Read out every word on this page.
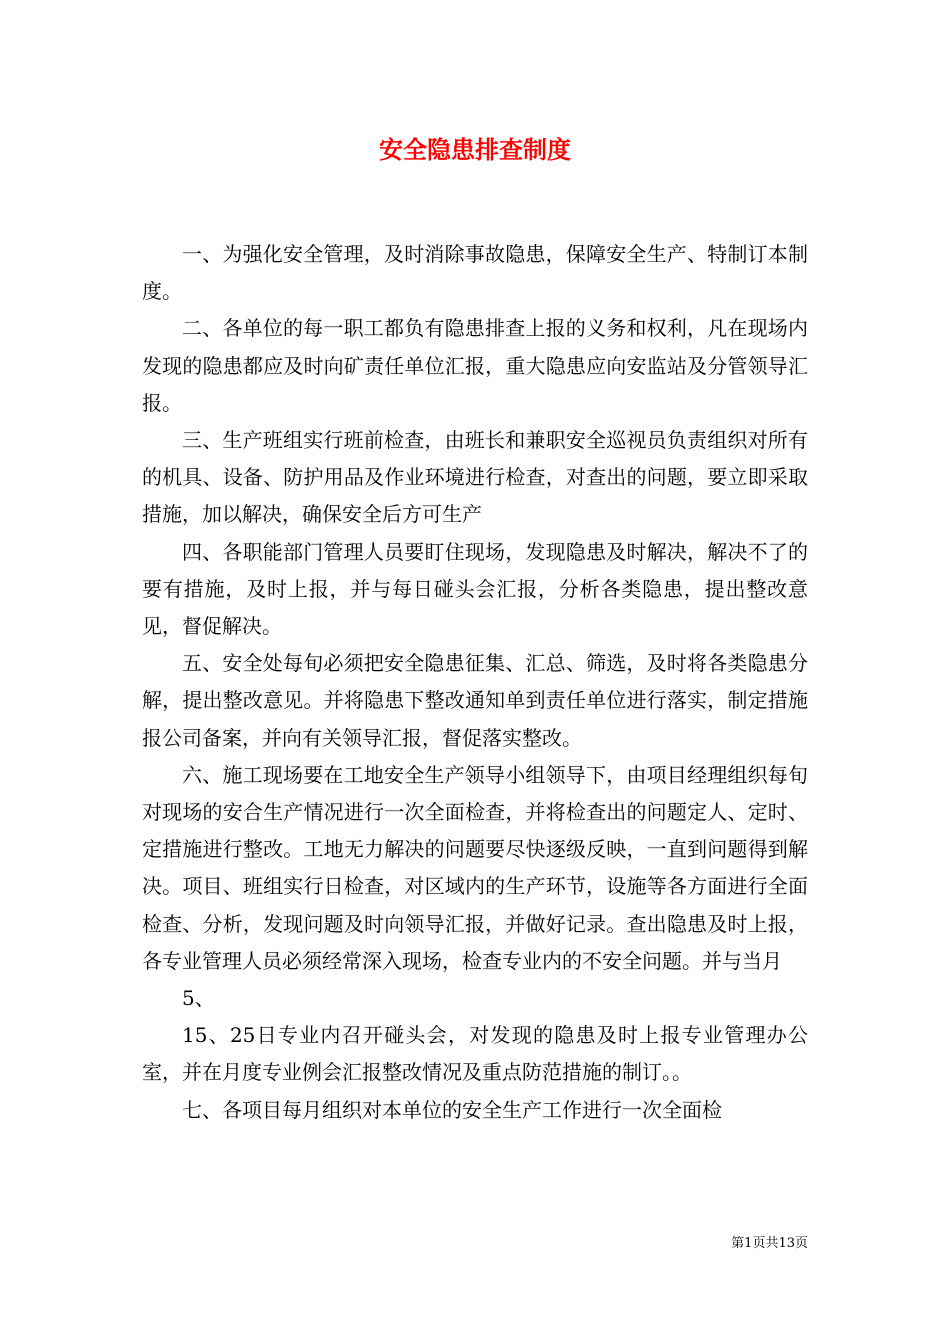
安全隐患排查制度

一、为强化安全管理，及时消除事故隐患，保障安全生产、特制订本制度。

二、各单位的每一职工都负有隐患排查上报的义务和权利，凡在现场内发现的隐患都应及时向矿责任单位汇报，重大隐患应向安监站及分管领导汇报。

三、生产班组实行班前检查，由班长和兼职安全巡视员负责组织对所有的机具、设备、防护用品及作业环境进行检查，对查出的问题，要立即采取措施，加以解决，确保安全后方可生产

四、各职能部门管理人员要盯住现场，发现隐患及时解决，解决不了的要有措施，及时上报，并与每日碰头会汇报，分析各类隐患，提出整改意见，督促解决。

五、安全处每旬必须把安全隐患征集、汇总、筛选，及时将各类隐患分解，提出整改意见。并将隐患下整改通知单到责任单位进行落实，制定措施报公司备案，并向有关领导汇报，督促落实整改。

六、施工现场要在工地安全生产领导小组领导下，由项目经理组织每旬对现场的安合生产情况进行一次全面检查，并将检查出的问题定人、定时、定措施进行整改。工地无力解决的问题要尽快逐级反映，一直到问题得到解决。项目、班组实行日检查，对区域内的生产环节，设施等各方面进行全面检查、分析，发现问题及时向领导汇报，并做好记录。查出隐患及时上报，各专业管理人员必须经常深入现场，检查专业内的不安全问题。并与当月

5、

15、25日专业内召开碰头会，对发现的隐患及时上报专业管理办公室，并在月度专业例会汇报整改情况及重点防范措施的制订。。

七、各项目每月组织对本单位的安全生产工作进行一次全面检

第1页共13页
